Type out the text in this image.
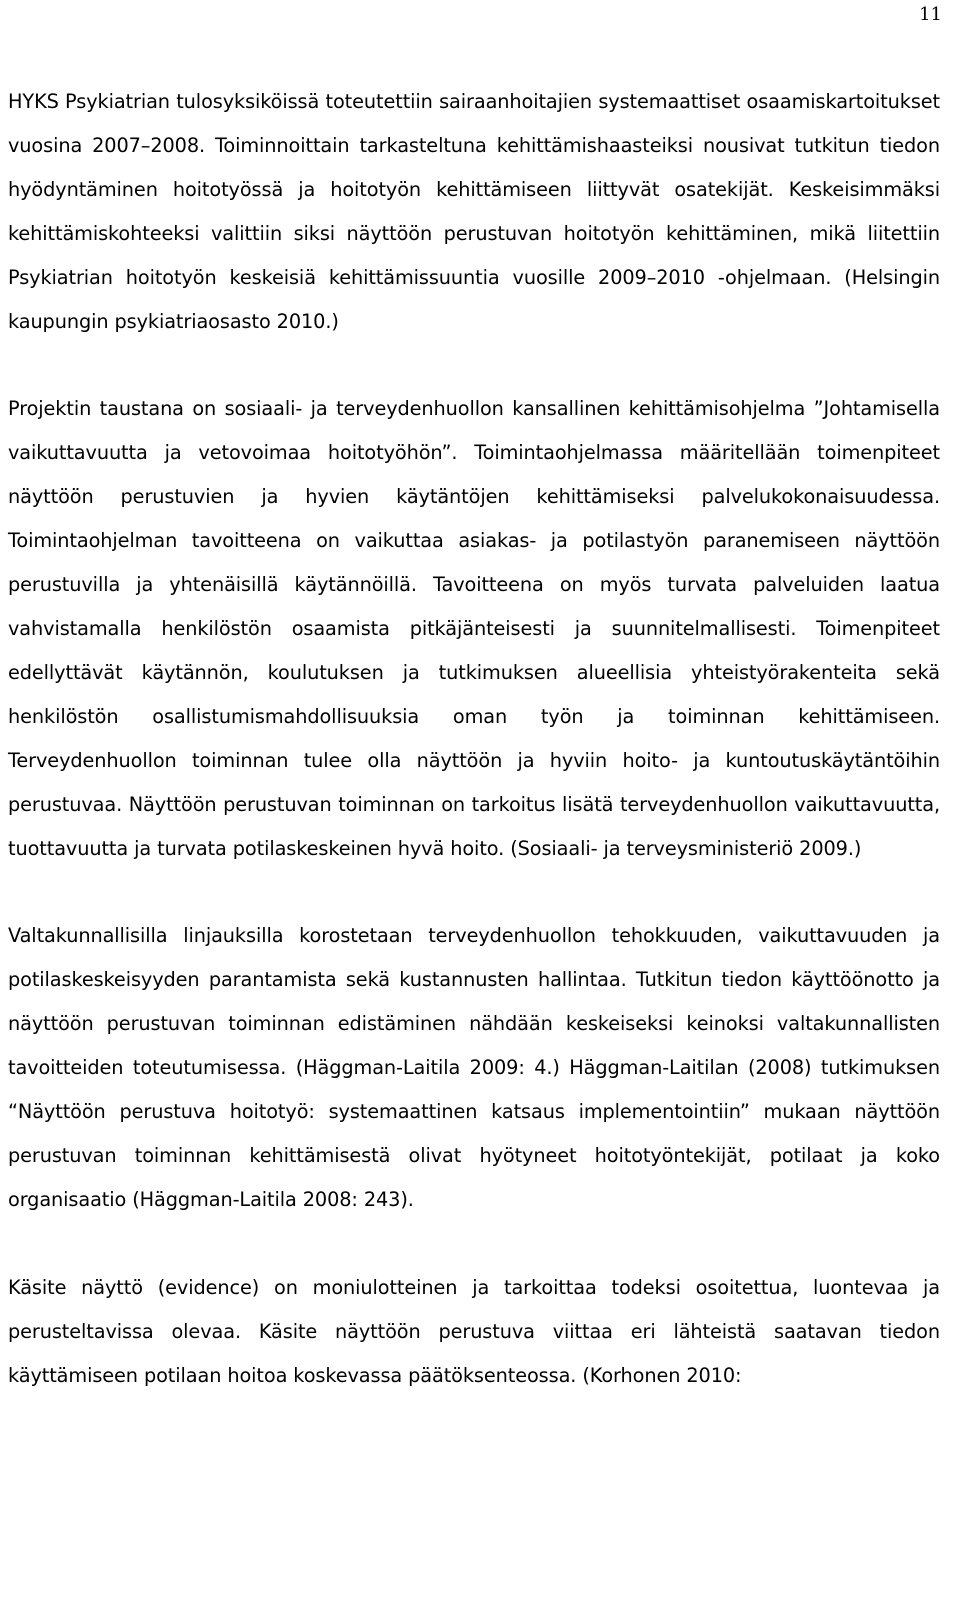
11

HYKS Psykiatrian tulosyksiköissä toteutettiin sairaanhoitajien systemaattiset osaamiskartoitukset vuosina 2007–2008. Toiminnoittain tarkasteltuna kehittämishaasteiksi nousivat tutkitun tiedon hyödyntäminen hoitotyössä ja hoitotyön kehittämiseen liittyvät osatekijät. Keskeisimmäksi kehittämiskohteeksi valittiin siksi näyttöön perustuvan hoitotyön kehittäminen, mikä liitettiin Psykiatrian hoitotyön keskeisiä kehittämissuuntia vuosille 2009–2010 -ohjelmaan. (Helsingin kaupungin psykiatriaosasto 2010.)

Projektin taustana on sosiaali- ja terveydenhuollon kansallinen kehittämisohjelma ”Johtamisella vaikuttavuutta ja vetovoimaa hoitotyöhön”. Toimintaohjelmassa määritellään toimenpiteet näyttöön perustuvien ja hyvien käytäntöjen kehittämiseksi palvelukokonaisuudessa. Toimintaohjelman tavoitteena on vaikuttaa asiakas- ja potilastyön paranemiseen näyttöön perustuvilla ja yhtenäisillä käytännöillä. Tavoitteena on myös turvata palveluiden laatua vahvistamalla henkilöstön osaamista pitkäjänteisesti ja suunnitelmallisesti. Toimenpiteet edellyttävät käytännön, koulutuksen ja tutkimuksen alueellisia yhteistyörakenteita sekä henkilöstön osallistumismahdollisuuksia oman työn ja toiminnan kehittämiseen. Terveydenhuollon toiminnan tulee olla näyttöön ja hyviin hoito- ja kuntoutuskäytäntöihin perustuvaa. Näyttöön perustuvan toiminnan on tarkoitus lisätä terveydenhuollon vaikuttavuutta, tuottavuutta ja turvata potilaskeskeinen hyvä hoito. (Sosiaali- ja terveysministeriö 2009.)

Valtakunnallisilla linjauksilla korostetaan terveydenhuollon tehokkuuden, vaikuttavuuden ja potilaskeskeisyyden parantamista sekä kustannusten hallintaa. Tutkitun tiedon käyttöönotto ja näyttöön perustuvan toiminnan edistäminen nähdään keskeiseksi keinoksi valtakunnallisten tavoitteiden toteutumisessa. (Häggman-Laitila 2009: 4.) Häggman-Laitilan (2008) tutkimuksen “Näyttöön perustuva hoitotyö: systemaattinen katsaus implementointiin” mukaan näyttöön perustuvan toiminnan kehittämisestä olivat hyötyneet hoitotyöntekijät, potilaat ja koko organisaatio (Häggman-Laitila 2008: 243).

Käsite näyttö (evidence) on moniulotteinen ja tarkoittaa todeksi osoitettua, luontevaa ja perusteltavissa olevaa. Käsite näyttöön perustuva viittaa eri lähteistä saatavan tiedon käyttämiseen potilaan hoitoa koskevassa päätöksenteossa. (Korhonen 2010:
